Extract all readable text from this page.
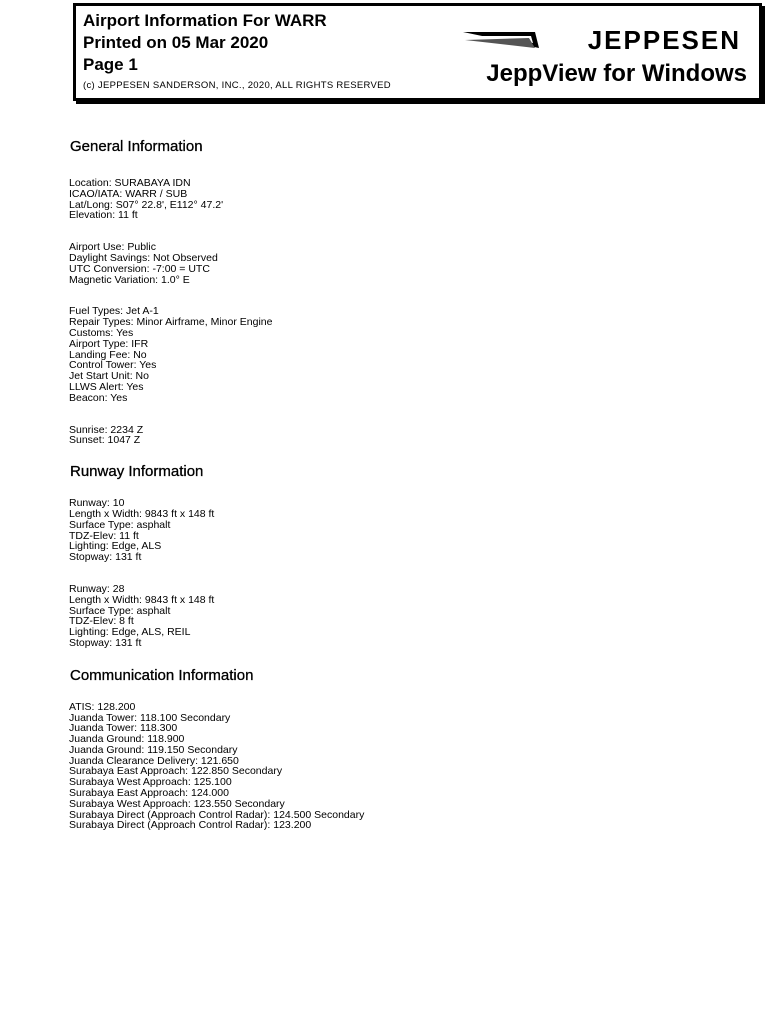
Airport Information For WARR
Printed on 05 Mar 2020
Page 1
(c) JEPPESEN SANDERSON, INC., 2020, ALL RIGHTS RESERVED
JEPPESEN
JeppView for Windows
General Information
Location: SURABAYA IDN
ICAO/IATA: WARR / SUB
Lat/Long: S07° 22.8', E112° 47.2'
Elevation: 11 ft
Airport Use: Public
Daylight Savings: Not Observed
UTC Conversion: -7:00 = UTC
Magnetic Variation: 1.0° E
Fuel Types: Jet A-1
Repair Types: Minor Airframe, Minor Engine
Customs: Yes
Airport Type: IFR
Landing Fee: No
Control Tower: Yes
Jet Start Unit: No
LLWS Alert: Yes
Beacon: Yes
Sunrise: 2234 Z
Sunset: 1047 Z
Runway Information
Runway: 10
Length x Width: 9843 ft x 148 ft
Surface Type: asphalt
TDZ-Elev: 11 ft
Lighting: Edge, ALS
Stopway: 131 ft
Runway: 28
Length x Width: 9843 ft x 148 ft
Surface Type: asphalt
TDZ-Elev: 8 ft
Lighting: Edge, ALS, REIL
Stopway: 131 ft
Communication Information
ATIS: 128.200
Juanda Tower: 118.100 Secondary
Juanda Tower: 118.300
Juanda Ground: 118.900
Juanda Ground: 119.150 Secondary
Juanda Clearance Delivery: 121.650
Surabaya East Approach: 122.850 Secondary
Surabaya West Approach: 125.100
Surabaya East Approach: 124.000
Surabaya West Approach: 123.550 Secondary
Surabaya Direct (Approach Control Radar): 124.500 Secondary
Surabaya Direct (Approach Control Radar): 123.200
